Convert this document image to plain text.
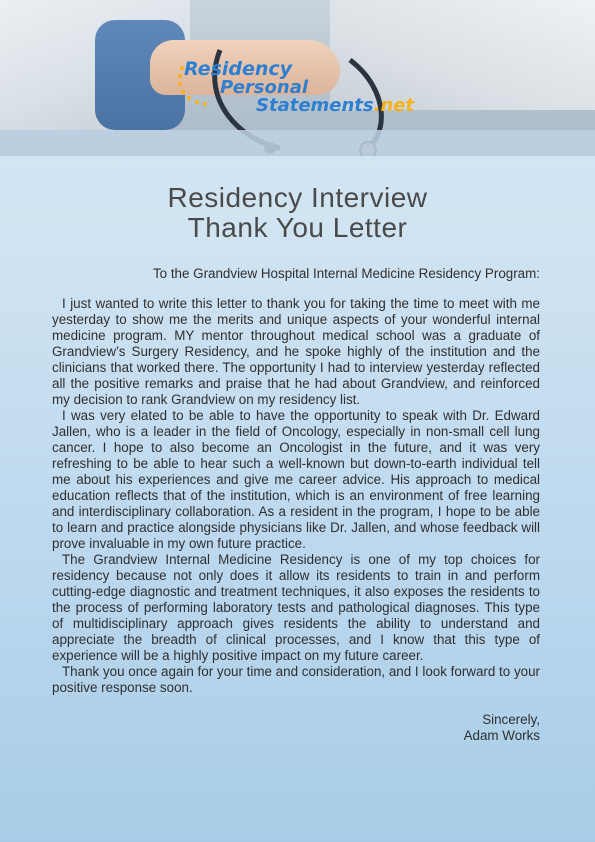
Residency
Personal
Statements.net
Residency Interview
Thank You Letter
To the Grandview Hospital Internal Medicine Residency Program:

I just wanted to write this letter to thank you for taking the time to meet with me yesterday to show me the merits and unique aspects of your wonderful internal medicine program. MY mentor throughout medical school was a graduate of Grandview’s Surgery Residency, and he spoke highly of the institution and the clinicians that worked there. The opportunity I had to interview yesterday reflected all the positive remarks and praise that he had about Grandview, and reinforced my decision to rank Grandview on my residency list.

I was very elated to be able to have the opportunity to speak with Dr. Edward Jallen, who is a leader in the field of Oncology, especially in non-small cell lung cancer. I hope to also become an Oncologist in the future, and it was very refreshing to be able to hear such a well-known but down-to-earth individual tell me about his experiences and give me career advice. His approach to medical education reflects that of the institution, which is an environment of free learning and interdisciplinary collaboration. As a resident in the program, I hope to be able to learn and practice alongside physicians like Dr. Jallen, and whose feedback will prove invaluable in my own future practice.

The Grandview Internal Medicine Residency is one of my top choices for residency because not only does it allow its residents to train in and perform cutting-edge diagnostic and treatment techniques, it also exposes the residents to the process of performing laboratory tests and pathological diagnoses. This type of multidisciplinary approach gives residents the ability to understand and appreciate the breadth of clinical processes, and I know that this type of experience will be a highly positive impact on my future career.

Thank you once again for your time and consideration, and I look forward to your positive response soon.

Sincerely,
Adam Works
